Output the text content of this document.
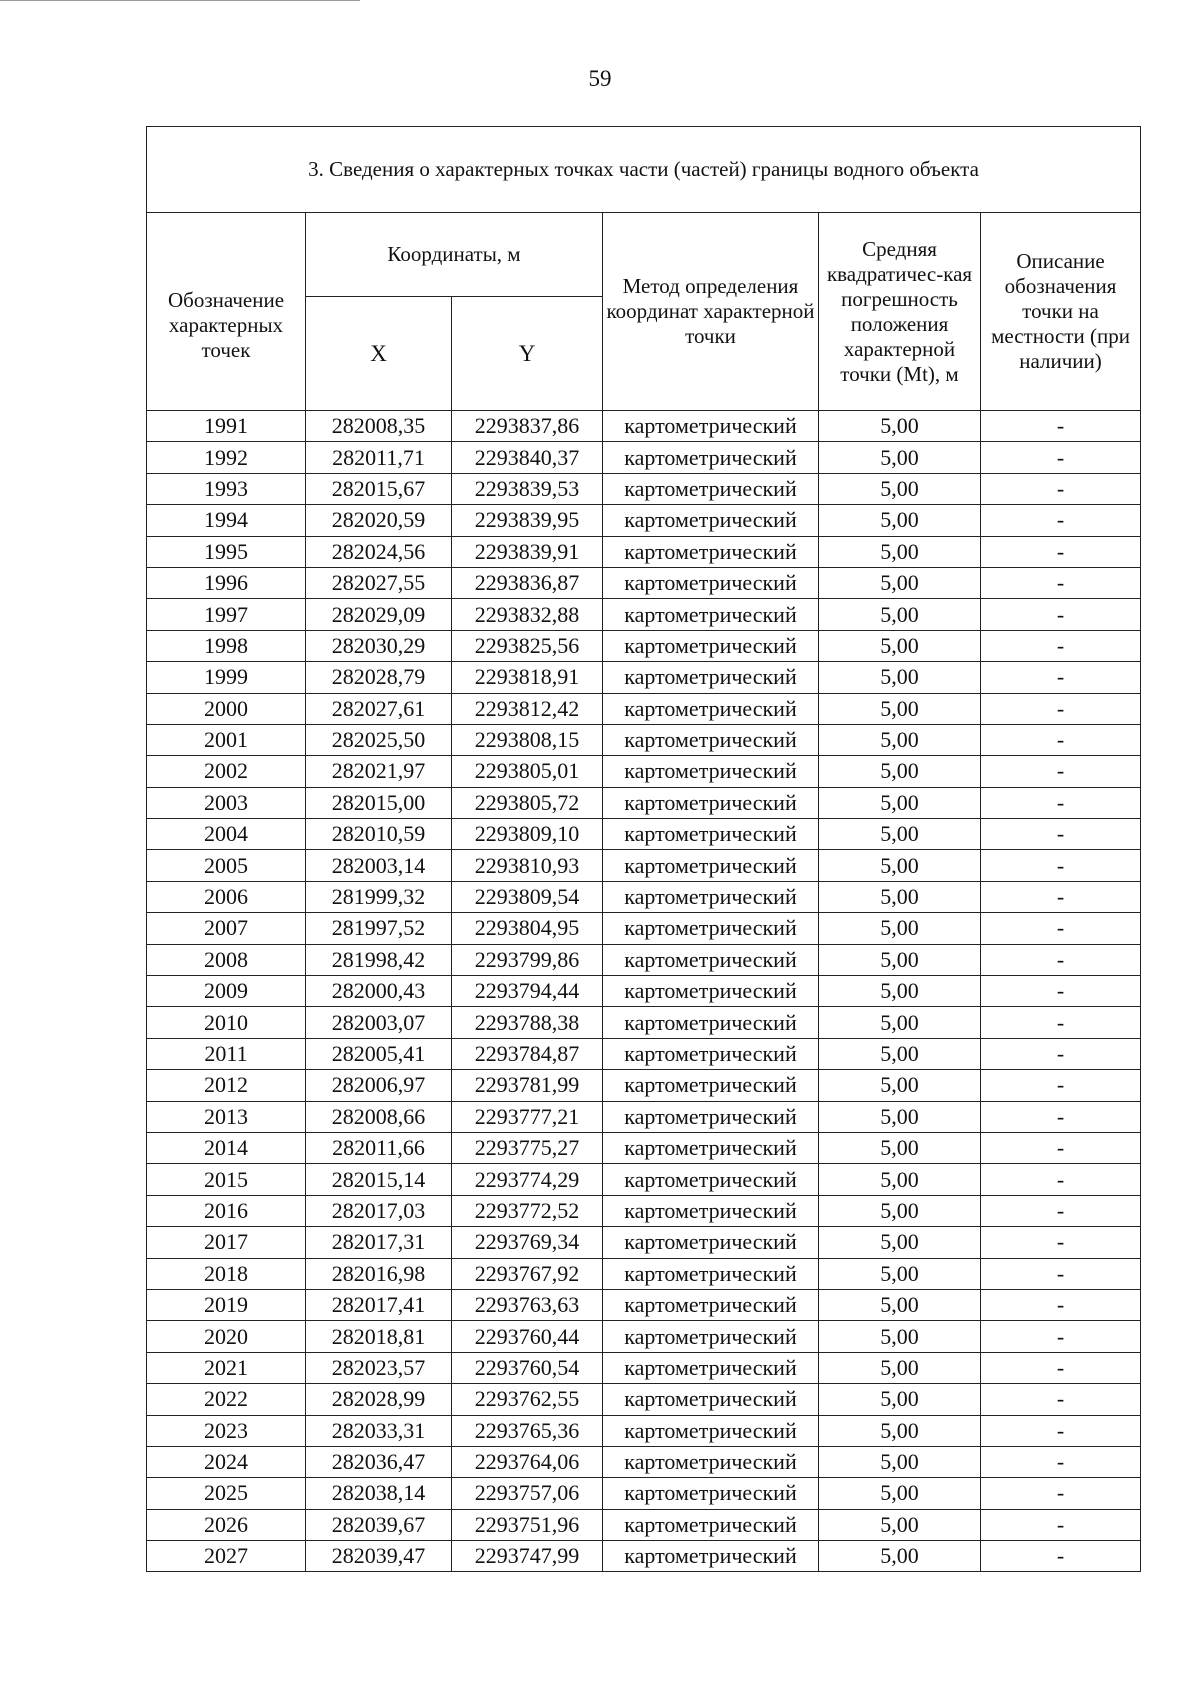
59
3. Сведения о характерных точках части (частей) границы водного объекта					
Обозначение характерных точек	Координаты, м		Метод определения координат характерной точки	Средняя квадратичес-кая погрешность положения характерной точки (Mt), м	Описание обозначения точки на местности (при наличии)
	X	Y			
1991	282008,35	2293837,86	картометрический	5,00	-
1992	282011,71	2293840,37	картометрический	5,00	-
1993	282015,67	2293839,53	картометрический	5,00	-
1994	282020,59	2293839,95	картометрический	5,00	-
1995	282024,56	2293839,91	картометрический	5,00	-
1996	282027,55	2293836,87	картометрический	5,00	-
1997	282029,09	2293832,88	картометрический	5,00	-
1998	282030,29	2293825,56	картометрический	5,00	-
1999	282028,79	2293818,91	картометрический	5,00	-
2000	282027,61	2293812,42	картометрический	5,00	-
2001	282025,50	2293808,15	картометрический	5,00	-
2002	282021,97	2293805,01	картометрический	5,00	-
2003	282015,00	2293805,72	картометрический	5,00	-
2004	282010,59	2293809,10	картометрический	5,00	-
2005	282003,14	2293810,93	картометрический	5,00	-
2006	281999,32	2293809,54	картометрический	5,00	-
2007	281997,52	2293804,95	картометрический	5,00	-
2008	281998,42	2293799,86	картометрический	5,00	-
2009	282000,43	2293794,44	картометрический	5,00	-
2010	282003,07	2293788,38	картометрический	5,00	-
2011	282005,41	2293784,87	картометрический	5,00	-
2012	282006,97	2293781,99	картометрический	5,00	-
2013	282008,66	2293777,21	картометрический	5,00	-
2014	282011,66	2293775,27	картометрический	5,00	-
2015	282015,14	2293774,29	картометрический	5,00	-
2016	282017,03	2293772,52	картометрический	5,00	-
2017	282017,31	2293769,34	картометрический	5,00	-
2018	282016,98	2293767,92	картометрический	5,00	-
2019	282017,41	2293763,63	картометрический	5,00	-
2020	282018,81	2293760,44	картометрический	5,00	-
2021	282023,57	2293760,54	картометрический	5,00	-
2022	282028,99	2293762,55	картометрический	5,00	-
2023	282033,31	2293765,36	картометрический	5,00	-
2024	282036,47	2293764,06	картометрический	5,00	-
2025	282038,14	2293757,06	картометрический	5,00	-
2026	282039,67	2293751,96	картометрический	5,00	-
2027	282039,47	2293747,99	картометрический	5,00	-
